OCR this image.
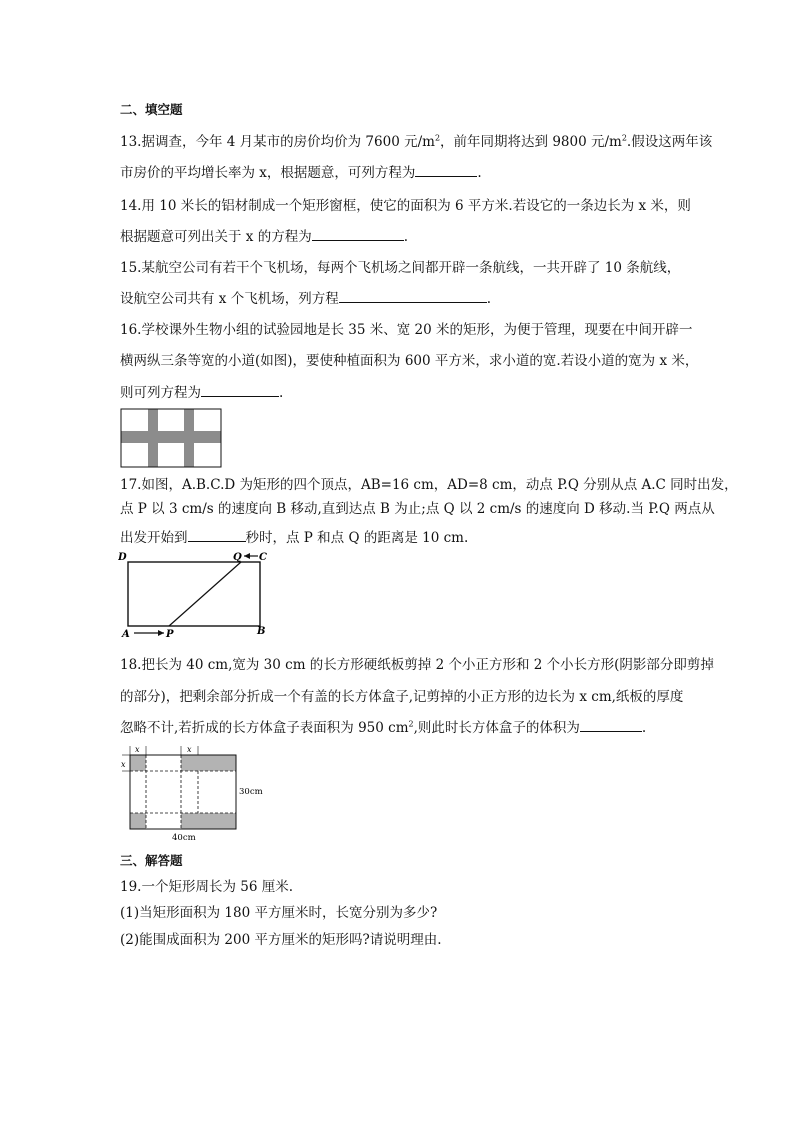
二、填空题
13.据调查，今年 4 月某市的房价均价为 7600 元$/m^2$，前年同期将达到 9800 元$/m^2$.假设这两年该
市房价的平均增长率为 x，根据题意，可列方程为	.
14.用 10 米长的铝材制成一个矩形窗框，使它的面积为 6 平方米.若设它的一条边长为 x 米，则
根据题意可列出关于 x 的方程为	.
15.某航空公司有若干个飞机场，每两个飞机场之间都开辟一条航线，一共开辟了 10 条航线，
设航空公司共有 x 个飞机场，列方程	.
16.学校课外生物小组的试验园地是长 35 米、宽 20 米的矩形，为便于管理，现要在中间开辟一
横两纵三条等宽的小道(如图)，要使种植面积为 600 平方米，求小道的宽.若设小道的宽为 x 米，
则可列方程为	.
17.如图，A.B.C.D 为矩形的四个顶点，AB=16 cm，AD=8 cm，动点 P.Q 分别从点 A.C 同时出发，
点 P 以 3 cm/s 的速度向 B 移动,直到达点 B 为止;点 Q 以 2 cm/s 的速度向 D 移动.当 P.Q 两点从
出发开始到	秒时，点 P 和点 Q 的距离是 10 cm.
D	C
Q
A	P	B
18.把长为 40 cm,宽为 30 cm 的长方形硬纸板剪掉 2 个小正方形和 2 个小长方形(阴影部分即剪掉
的部分)，把剩余部分折成一个有盖的长方体盒子,记剪掉的小正方形的边长为 x cm,纸板的厚度
忽略不计,若折成的长方体盒子表面积为 950 $cm^2$,则此时长方体盒子的体积为	.
x	x
x
30cm
40cm
三、解答题
19.一个矩形周长为 56 厘米.
(1)当矩形面积为 180 平方厘米时，长宽分别为多少?
(2)能围成面积为 200 平方厘米的矩形吗?请说明理由.
